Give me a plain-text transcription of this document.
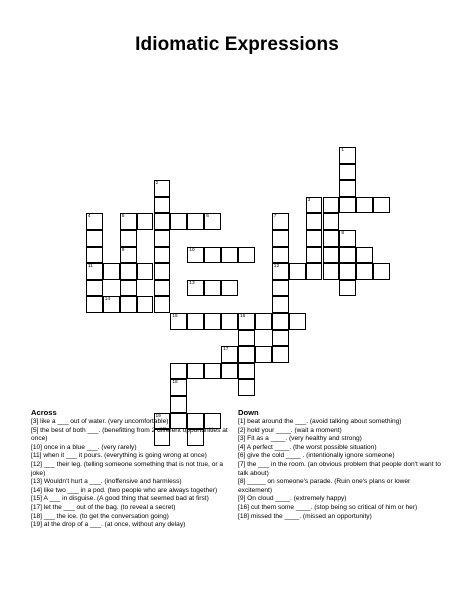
Idiomatic Expressions
1
2
3
4
11
5	6	7
12
8
9	10
13
14
15	16
17
18
19
Across

[3] like a ___ out of water. (very uncomfortable)

[5] the best of both ___. (benefitting from 2 different opportunities at once)

[10] once in a blue ___. (very rarely)

[11] when it ___ it pours. (everything is going wrong at once)

[12] ___ their leg. (telling someone something that is not true, or a joke)

[13] Wouldn't hurt a ___. (inoffensive and harmless)

[14] like two ___ in a pod. (two people who are always together)

[15] A ___ in disguise. (A good thing that seemed bad at first)

[17] let the ___ out of the bag. (to reveal a secret)

[18] ___ the ice. (to get the conversation going)

[19] at the drop of a ___. (at once, without any delay)

Down

[1] beat around the ___. (avoid talking about something)

[2] hold your ____. (wait a moment)

[3] Fit as a ____. (very healthy and strong)

[4] A perfect ____. (the worst possible situation)

[6] give the cold ____ . (intentionally ignore someone)

[7] the ___ in the room. (an obvious problem that people don't want to talk about)

[8] _____ on someone's parade. (Ruin one's plans or lower excitement)

[9] On cloud ____. (extremely happy)

[16] cut them some ____. (stop being so critical of him or her)

[18] missed the ____. (missed an opportunity)
